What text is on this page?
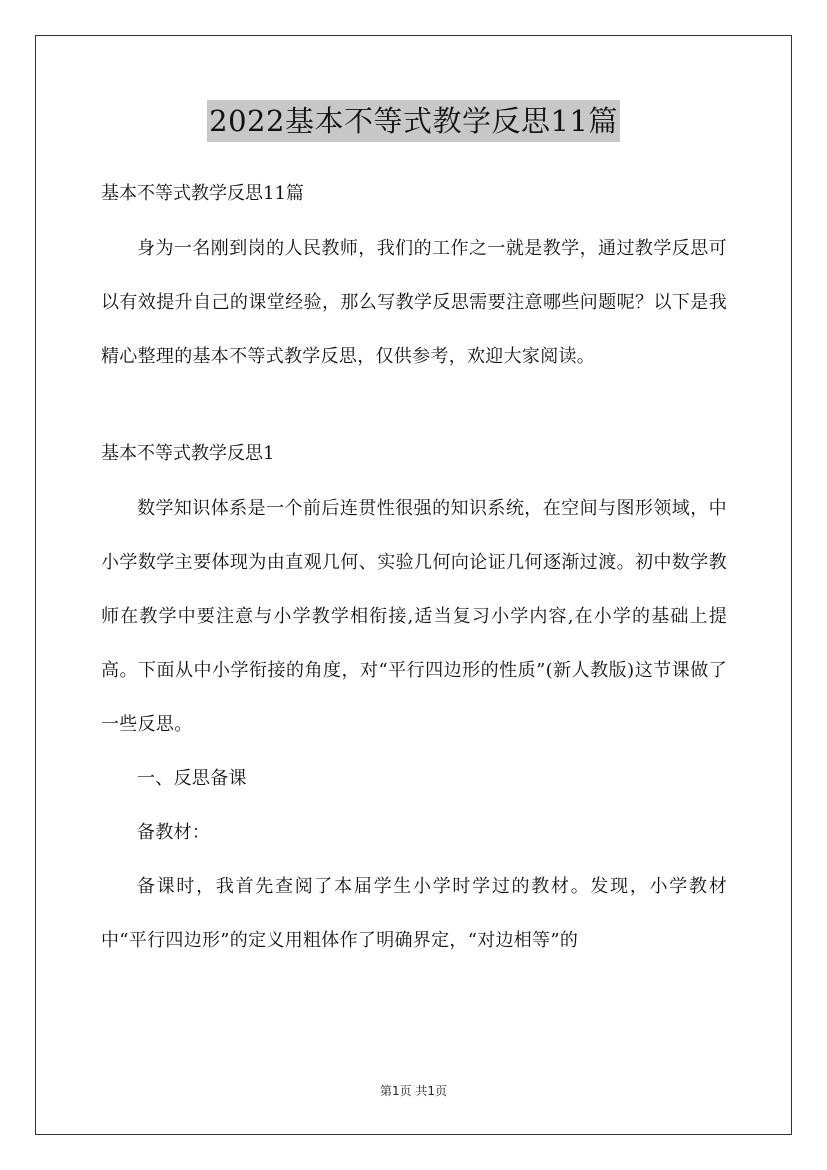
2022基本不等式教学反思11篇

基本不等式教学反思11篇

身为一名刚到岗的人民教师，我们的工作之一就是教学，通过教学反思可以有效提升自己的课堂经验，那么写教学反思需要注意哪些问题呢？以下是我精心整理的基本不等式教学反思，仅供参考，欢迎大家阅读。

基本不等式教学反思1

数学知识体系是一个前后连贯性很强的知识系统，在空间与图形领域，中小学数学主要体现为由直观几何、实验几何向论证几何逐渐过渡。初中数学教师在教学中要注意与小学教学相衔接,适当复习小学内容,在小学的基础上提高。下面从中小学衔接的角度，对“平行四边形的性质”(新人教版)这节课做了一些反思。

一、反思备课

备教材：

备课时，我首先查阅了本届学生小学时学过的教材。发现，小学教材中“平行四边形”的定义用粗体作了明确界定，“对边相等”的

第1页 共1页
